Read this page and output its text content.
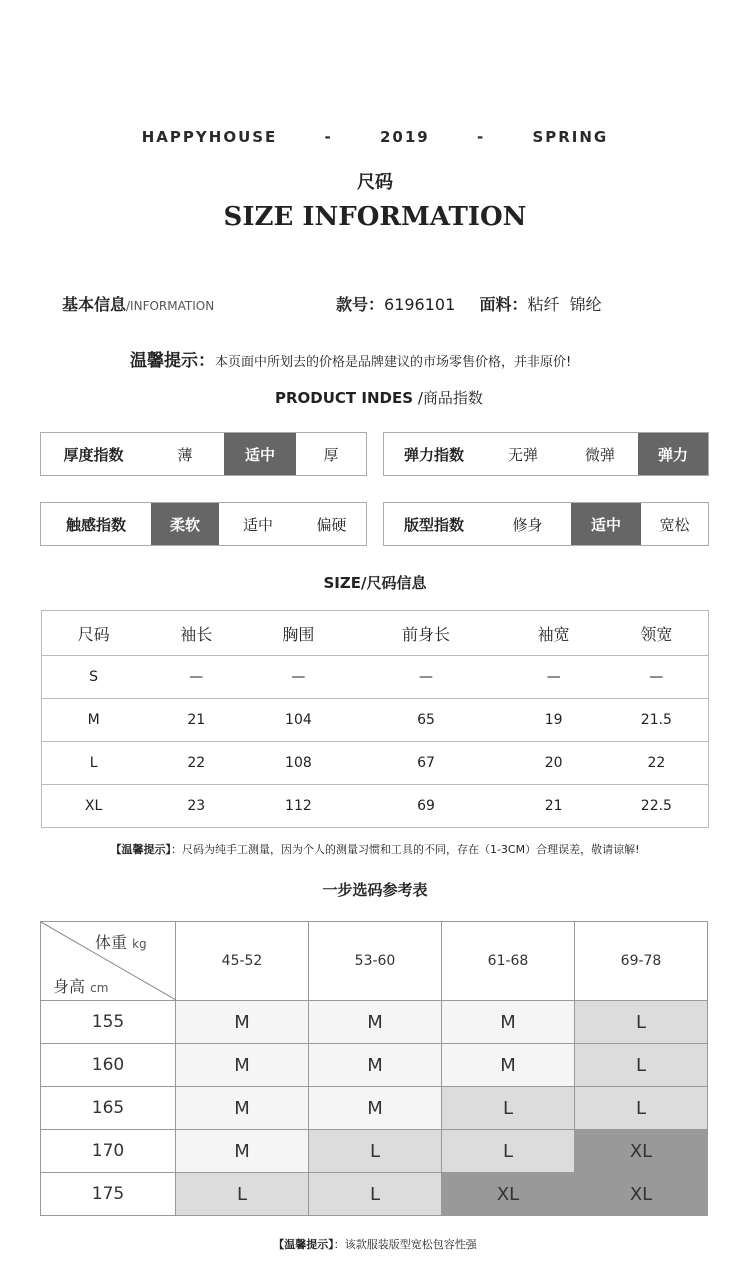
HAPPYHOUSE	-	2019	-	SPRING
尺码
SIZE INFORMATION
基本信息/INFORMATION	款号：6196101 面料：粘纤  锦纶
温馨提示：本页面中所划去的价格是品牌建议的市场零售价格，并非原价!
PRODUCT INDES /商品指数
厚度指数	薄	适中	厚	弹力指数	无弹	微弹	弹力
触感指数	柔软	适中	偏硬	版型指数	修身	适中	宽松
SIZE/尺码信息
尺码	袖长	胸围	前身长	袖宽	领宽
S	—	—	—	—	—
M	21	104	65	19	21.5
L	22	108	67	20	22
XL	23	112	69	21	22.5
【温馨提示】：尺码为纯手工测量，因为个人的测量习惯和工具的不同，存在（1-3CM）合理误差，敬请谅解!
一步选码参考表
体重 kg
身高 cm	45-52	53-60	61-68	69-78
155	M	M	M	L
160	M	M	M	L
165	M	M	L	L
170	M	L	L	XL
175	L	L	XL	XL
【温馨提示】：该款服装版型宽松包容性强
